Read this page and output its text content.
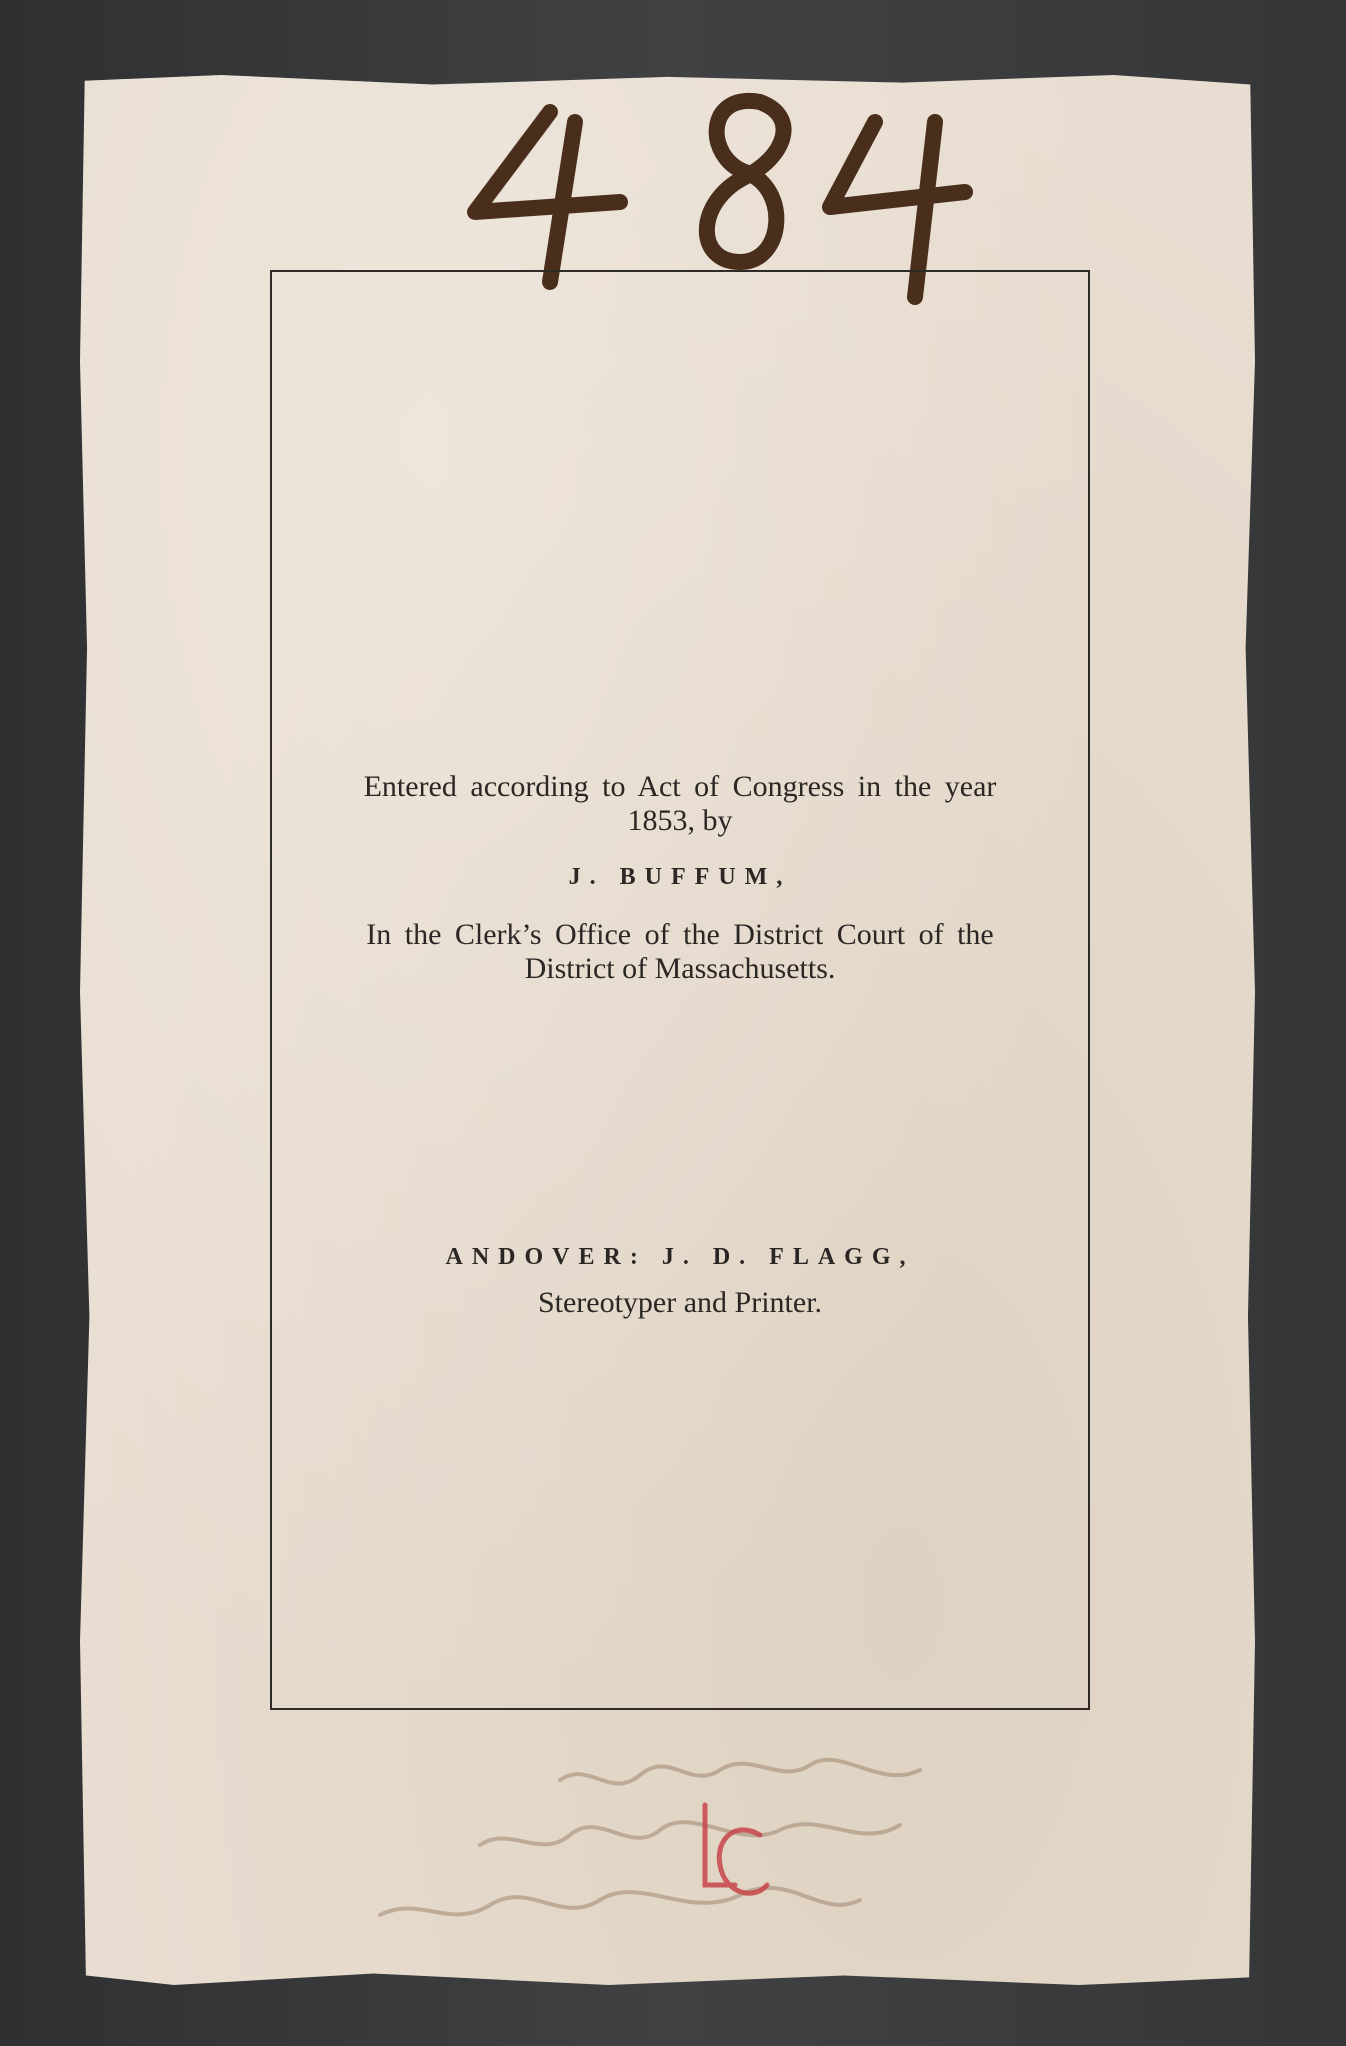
Entered according to Act of Congress in the year
1853, by
J. BUFFUM,
In the Clerk’s Office of the District Court of the
District of Massachusetts.
ANDOVER: J. D. FLAGG,
Stereotyper and Printer.
